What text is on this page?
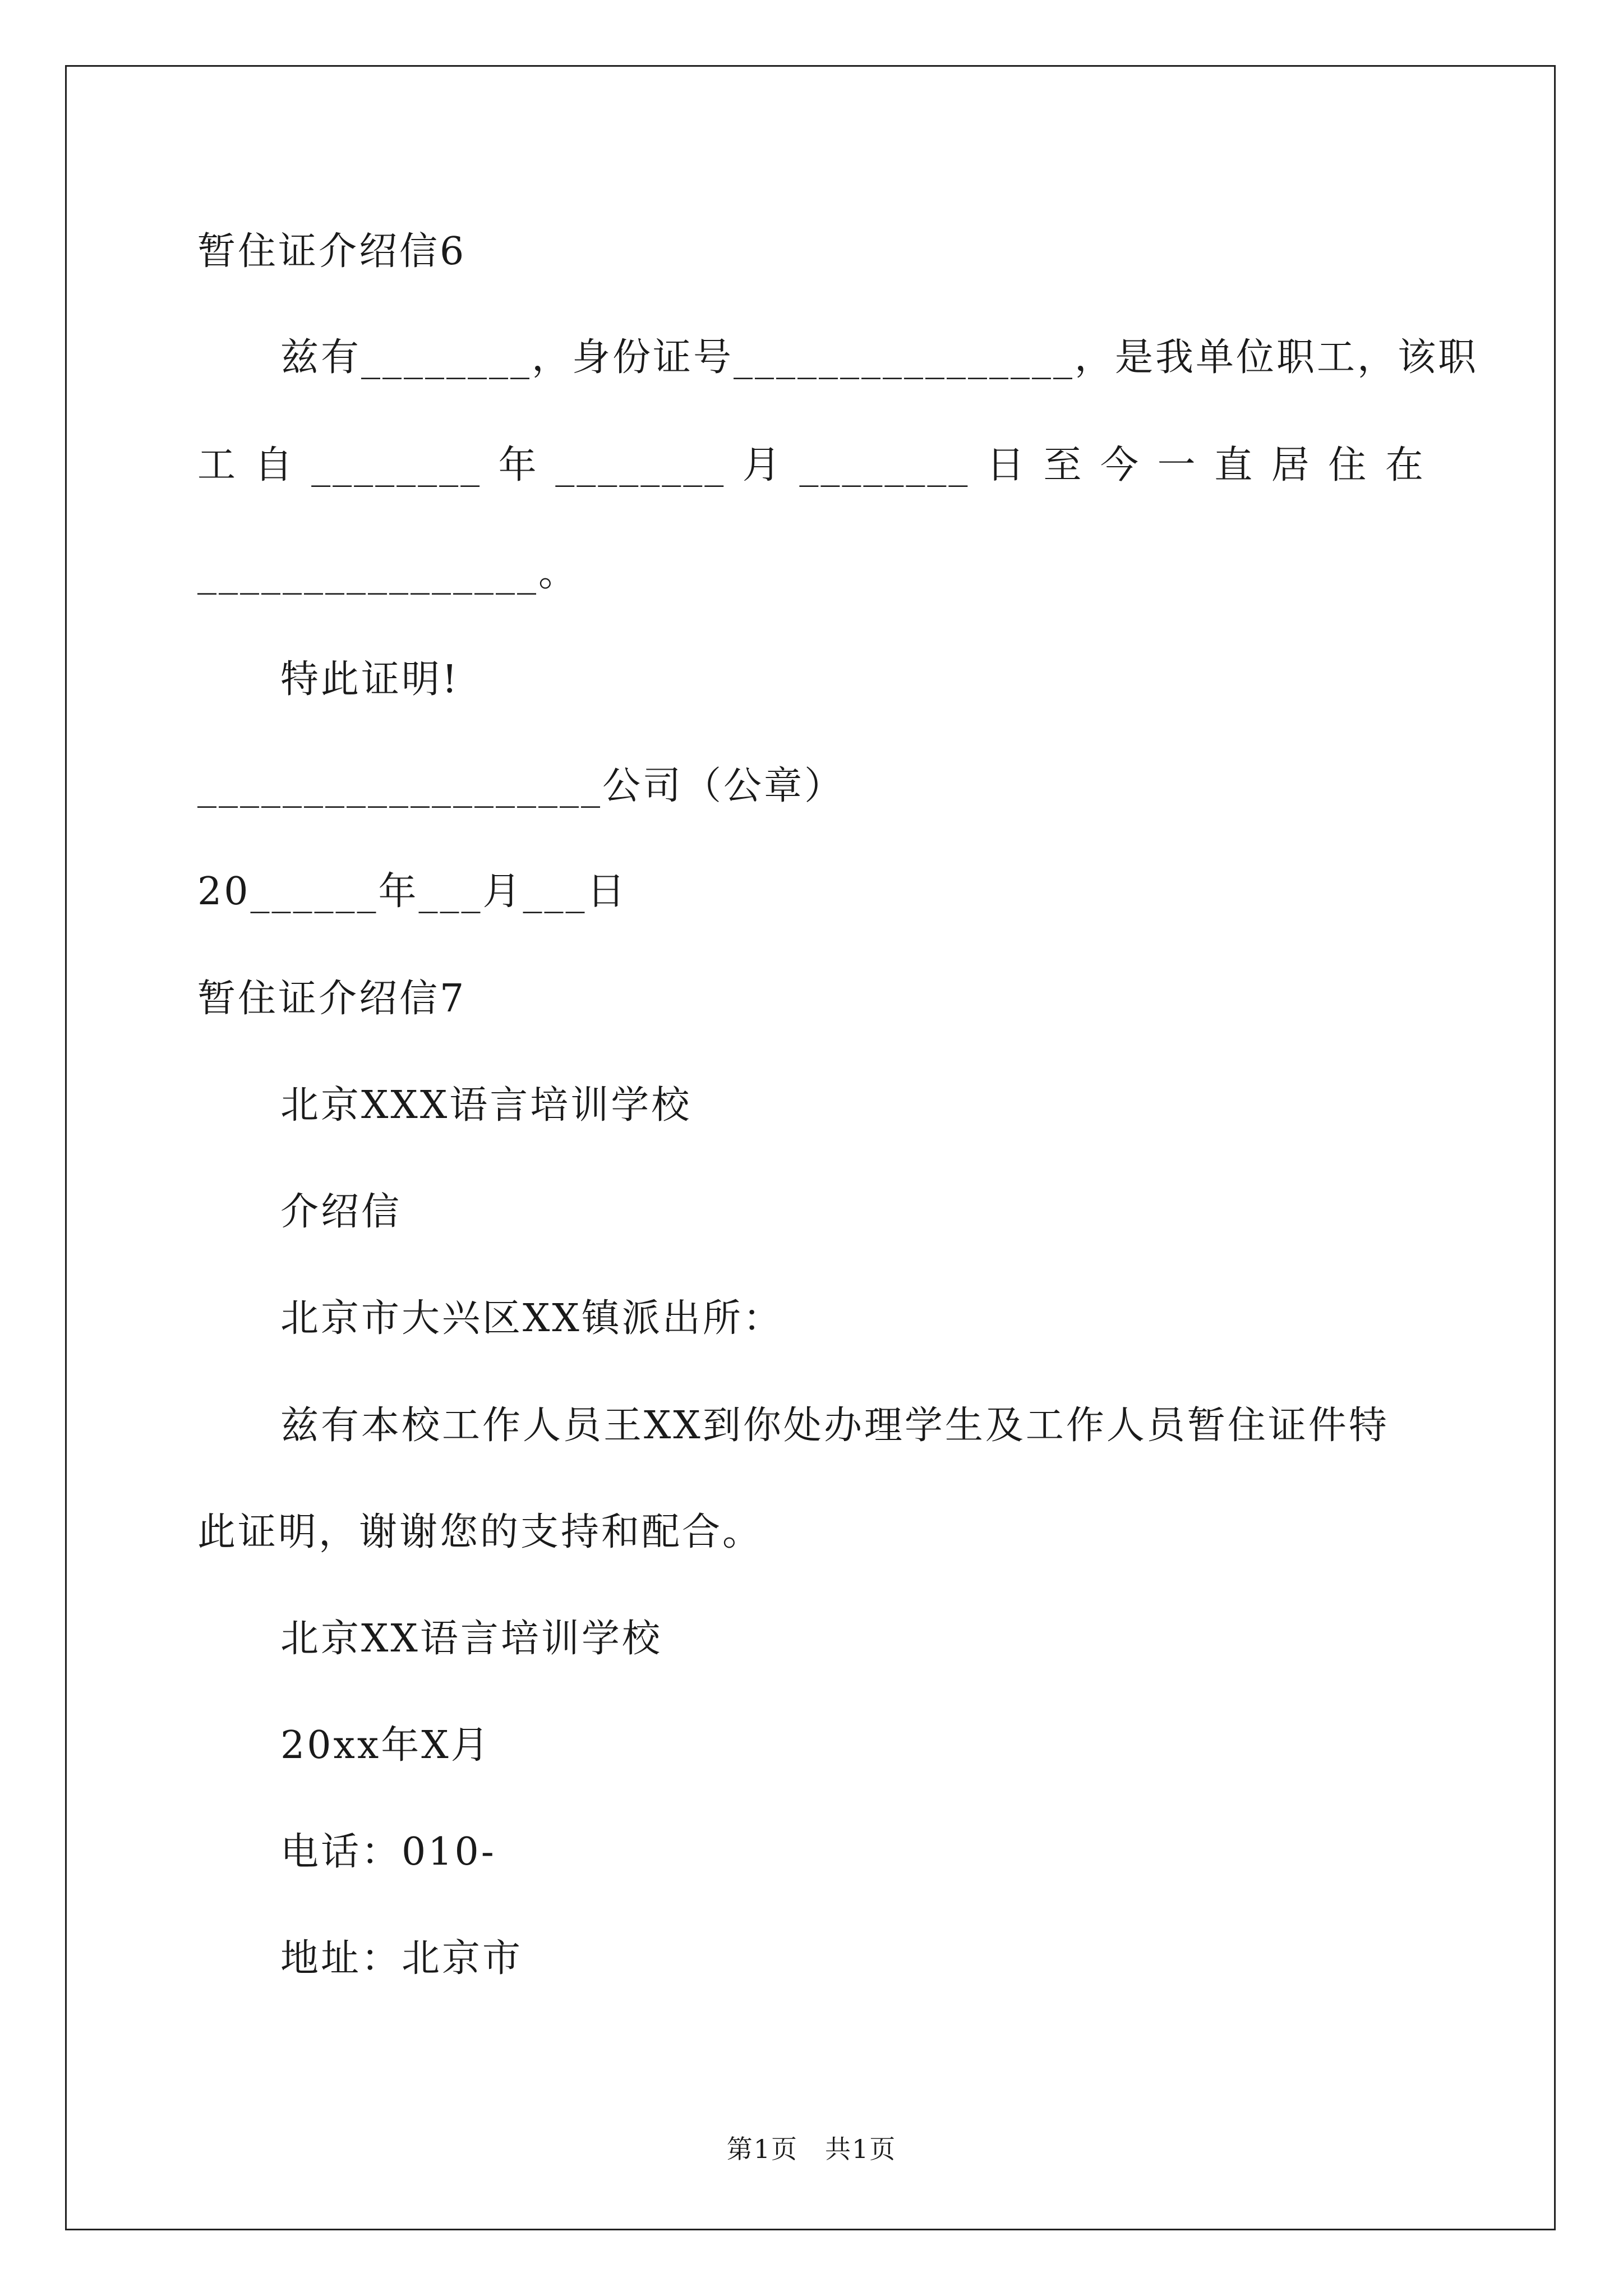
暂住证介绍信6
兹有________，身份证号________________，是我单位职工，该职
工 自 ________ 年 ________ 月 ________ 日 至 今 一 直 居 住 在
________________。
特此证明!
___________________公司（公章）
20______年___月___日
暂住证介绍信7
北京XXX语言培训学校
介绍信
北京市大兴区XX镇派出所：
兹有本校工作人员王XX到你处办理学生及工作人员暂住证件特
此证明，谢谢您的支持和配合。
北京XX语言培训学校
20xx年X月
电话：010-
地址：北京市
第1页　共1页
